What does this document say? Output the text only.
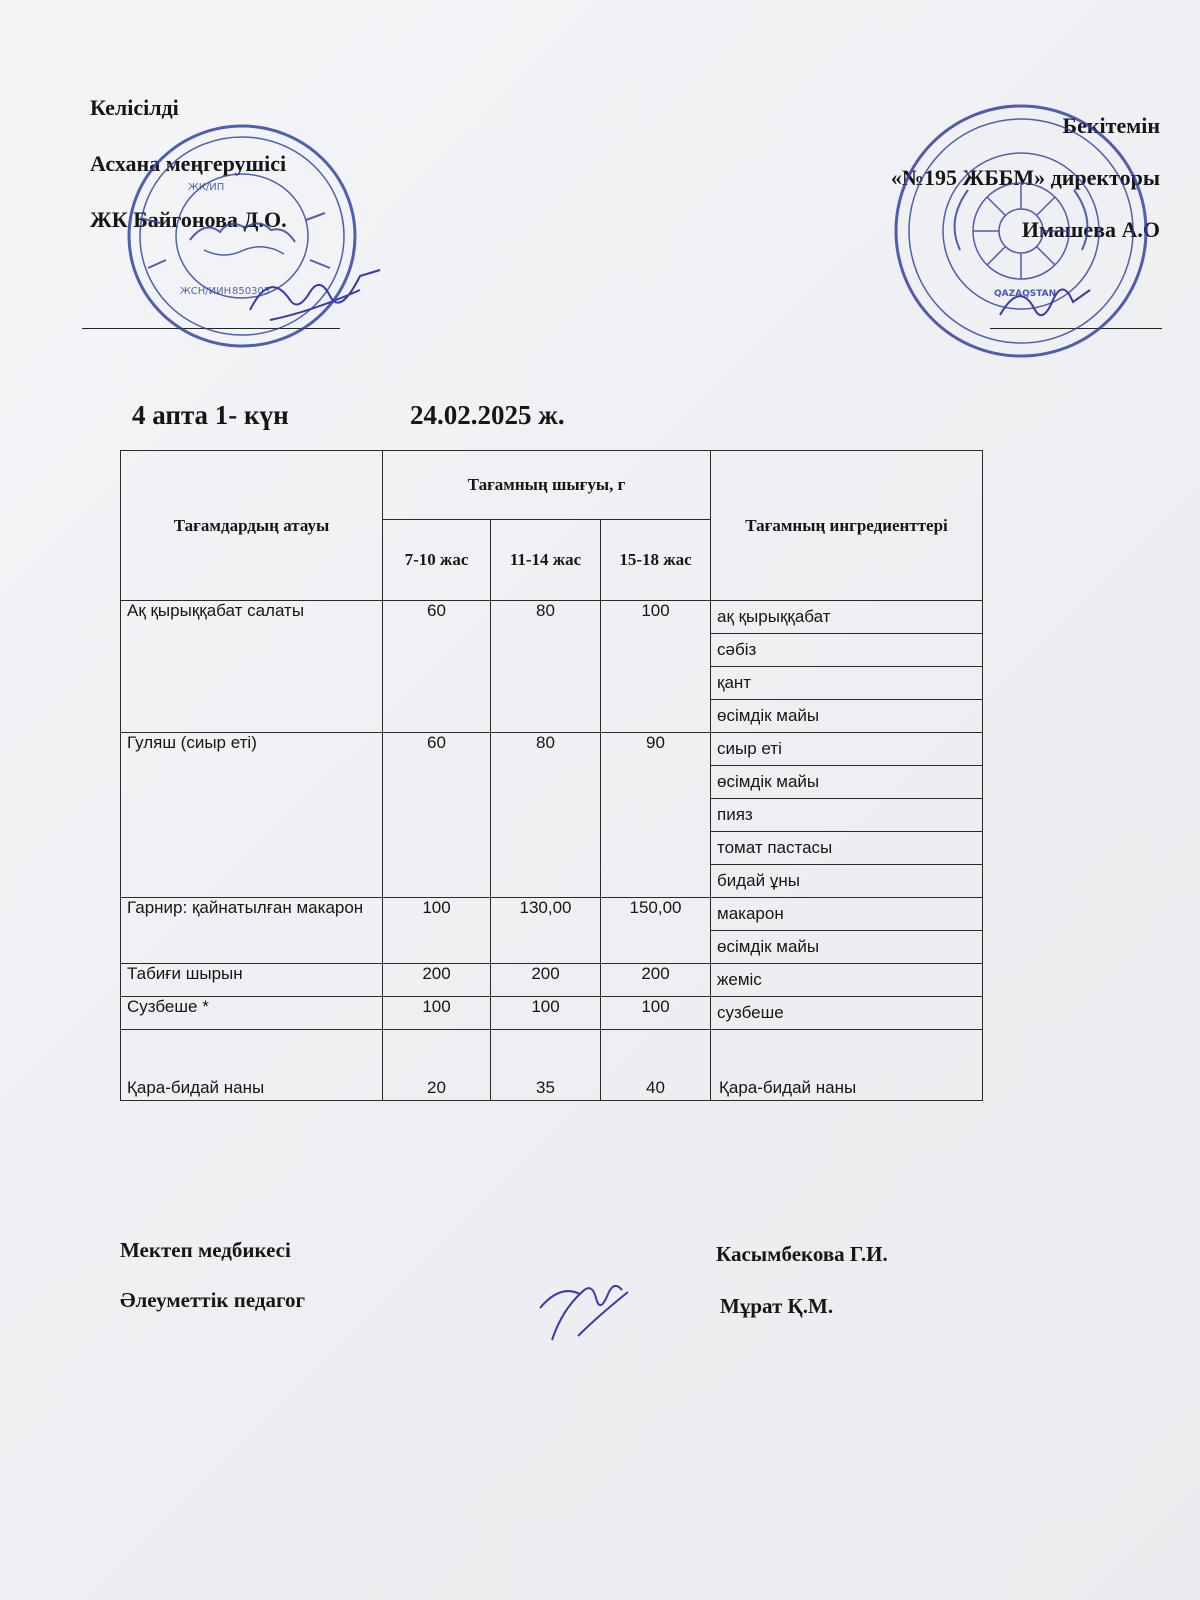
Келісілді
Асхана меңгерушісі
ЖК Байгонова Д.О.
Бекітемін
«№195 ЖББМ» директоры
Имашева А.О
ЖК/ИП
ЖСН/ИИН 850303	QAZAQSTAN
4 апта 1- күн	24.02.2025 ж.
Тағамдардың атауы	Тағамның шығуы, г			Тағамның ингредиенттері
	7-10 жас	11-14 жас	15-18 жас	
Ақ қырыққабат салаты	60	80	100	ақ қырыққабат
				сәбіз
				қант
				өсімдік майы
Гуляш (сиыр еті)	60	80	90	сиыр еті
				өсімдік майы
				пияз
				томат пастасы
				бидай ұны
Гарнир: қайнатылған макарон	100	130,00	150,00	макарон
				өсімдік майы
Табиғи шырын	200	200	200	жеміс
Сузбеше *	100	100	100	сузбеше
Қара-бидай наны	20	35	40	Қара-бидай наны
Мектеп медбикесі	Касымбекова Г.И.
Әлеуметтік педагог	Мұрат Қ.М.
